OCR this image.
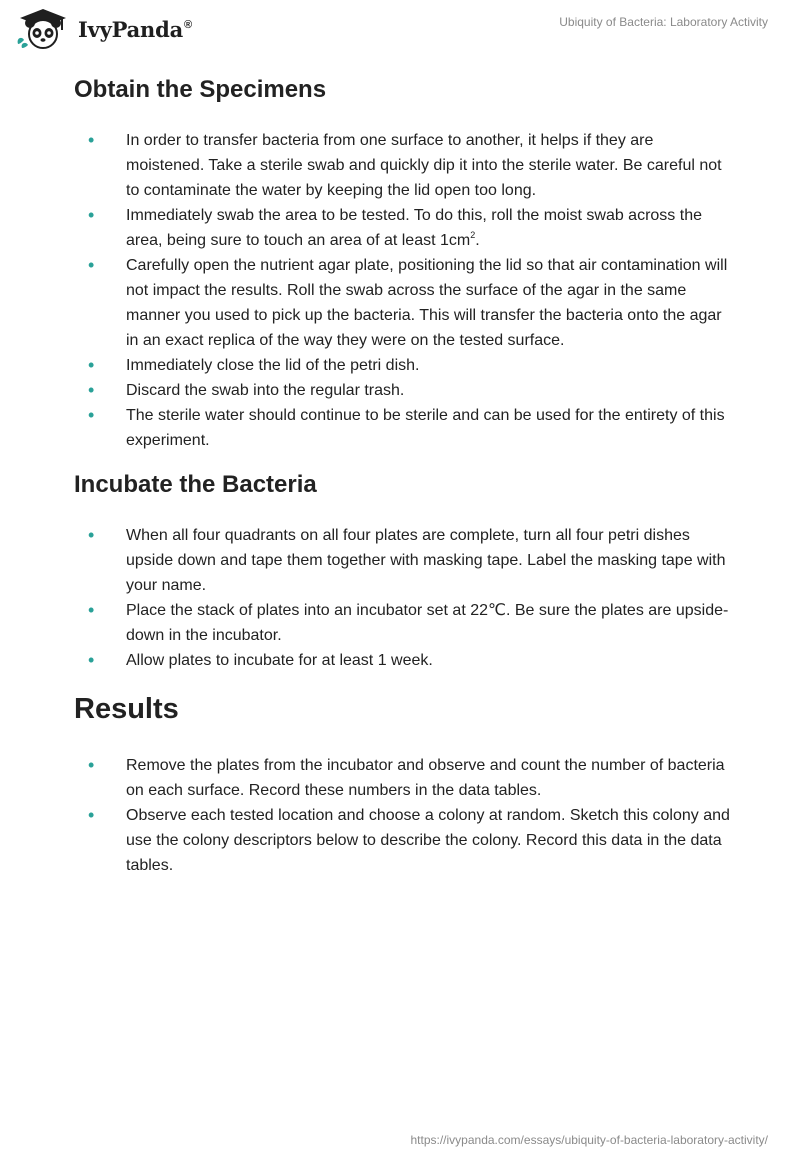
IvyPanda®	Ubiquity of Bacteria: Laboratory Activity
Obtain the Specimens
• In order to transfer bacteria from one surface to another, it helps if they are moistened. Take a sterile swab and quickly dip it into the sterile water. Be careful not to contaminate the water by keeping the lid open too long.
• Immediately swab the area to be tested. To do this, roll the moist swab across the area, being sure to touch an area of at least $1cm^2$.
• Carefully open the nutrient agar plate, positioning the lid so that air contamination will not impact the results. Roll the swab across the surface of the agar in the same manner you used to pick up the bacteria. This will transfer the bacteria onto the agar in an exact replica of the way they were on the tested surface.
• Immediately close the lid of the petri dish.
• Discard the swab into the regular trash.
• The sterile water should continue to be sterile and can be used for the entirety of this experiment.
Incubate the Bacteria
• When all four quadrants on all four plates are complete, turn all four petri dishes upside down and tape them together with masking tape. Label the masking tape with your name.
• Place the stack of plates into an incubator set at 22℃. Be sure the plates are upside-down in the incubator.
• Allow plates to incubate for at least 1 week.
Results
• Remove the plates from the incubator and observe and count the number of bacteria on each surface. Record these numbers in the data tables.
• Observe each tested location and choose a colony at random. Sketch this colony and use the colony descriptors below to describe the colony. Record this data in the data tables.
https://ivypanda.com/essays/ubiquity-of-bacteria-laboratory-activity/
